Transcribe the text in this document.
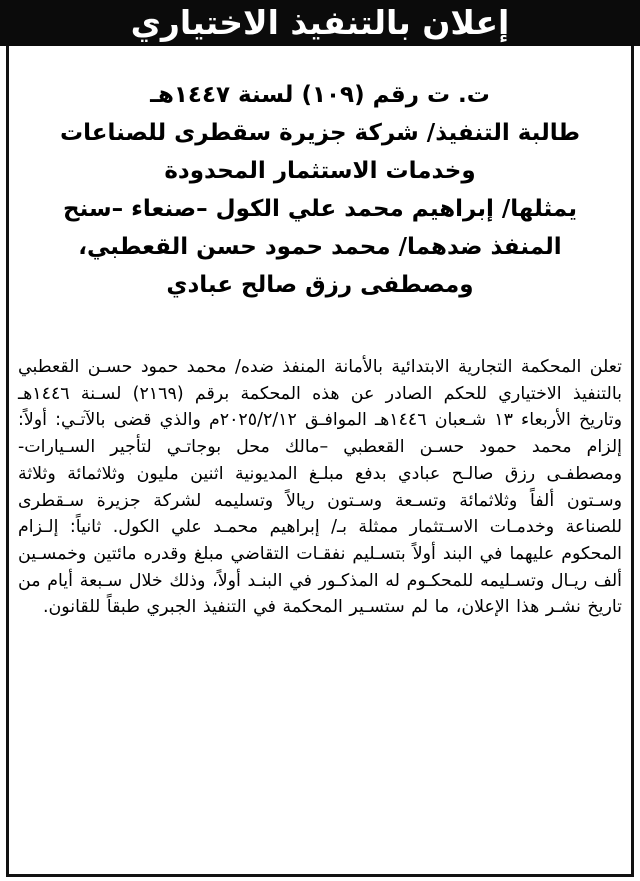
إعلان بالتنفيذ الاختياري
ت. ت رقم (١٠٩) لسنة ١٤٤٧هـ
طالبة التنفيذ/ شركة جزيرة سقطرى للصناعات
وخدمات الاستثمار المحدودة
يمثلها/ إبراهيم محمد علي الكول –صنعاء –سنح
المنفذ ضدهما/ محمد حمود حسن القعطبي،
ومصطفى رزق صالح عبادي

تعلن المحكمة التجارية الابتدائية بالأمانة المنفذ ضده/ محمد حمود حسـن القعطبي بالتنفيذ الاختياري للحكم الصادر عن هذه المحكمة برقم (٢١٦٩) لسـنة ١٤٤٦هـ وتاريخ الأربعاء ١٣ شـعبان ١٤٤٦هـ الموافـق ٢٠٢٥/٢/١٢م والذي قضى بالآتـي: أولاً: إلزام محمد حمود حسـن القعطبي –مالك محل بوجاتـي لتأجير السـيارات- ومصطفـى رزق صالـح عبادي بدفع مبلـغ المديونية اثنين مليون وثلاثمائة وثلاثة وسـتون ألفاً وثلاثمائة وتسـعة وسـتون ريالاً وتسليمه لشركة جزيرة سـقطرى للصناعة وخدمـات الاسـتثمار ممثلة بـ/ إبراهيم محمـد علي الكول. ثانياً: إلـزام المحكوم عليهما في البند أولاً بتسـليم نفقـات التقاضي مبلغ وقدره مائتين وخمسـين ألف ريـال وتسـليمه للمحكـوم له المذكـور في البنـد أولاً، وذلك خلال سـبعة أيام من تاريخ نشـر هذا الإعلان، ما لم ستسـير المحكمة في التنفيذ الجبري طبقاً للقانون.
